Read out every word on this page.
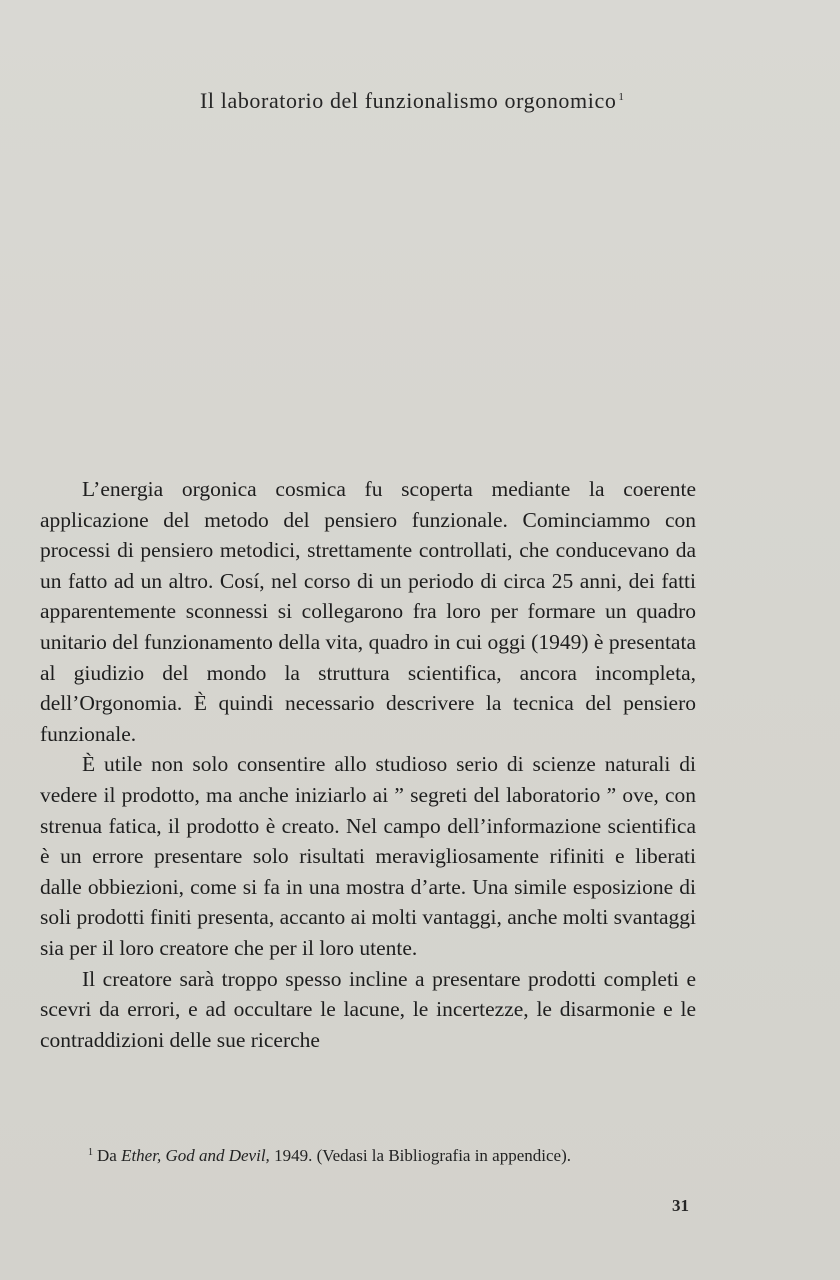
Il laboratorio del funzionalismo orgonomico $^1$

L’energia orgonica cosmica fu scoperta mediante la coerente applicazione del metodo del pensiero funzionale. Cominciammo con processi di pensiero metodici, strettamente controllati, che conducevano da un fatto ad un altro. Cosí, nel corso di un periodo di circa 25 anni, dei fatti apparentemente sconnessi si collegarono fra loro per formare un quadro unitario del funzionamento della vita, quadro in cui oggi (1949) è presentata al giudizio del mondo la struttura scientifica, ancora incompleta, dell’Orgonomia. È quindi necessario descrivere la tecnica del pensiero funzionale.

È utile non solo consentire allo studioso serio di scienze naturali di vedere il prodotto, ma anche iniziarlo ai ” segreti del laboratorio ” ove, con strenua fatica, il prodotto è creato. Nel campo dell’informazione scientifica è un errore presentare solo risultati meravigliosamente rifiniti e liberati dalle obbiezioni, come si fa in una mostra d’arte. Una simile esposizione di soli prodotti finiti presenta, accanto ai molti vantaggi, anche molti svantaggi sia per il loro creatore che per il loro utente.

Il creatore sarà troppo spesso incline a presentare prodotti completi e scevri da errori, e ad occultare le lacune, le incertezze, le disarmonie e le contraddizioni delle sue ricerche

$^1$ Da Ether, God and Devil, 1949. (Vedasi la Bibliografia in appendice).
31
